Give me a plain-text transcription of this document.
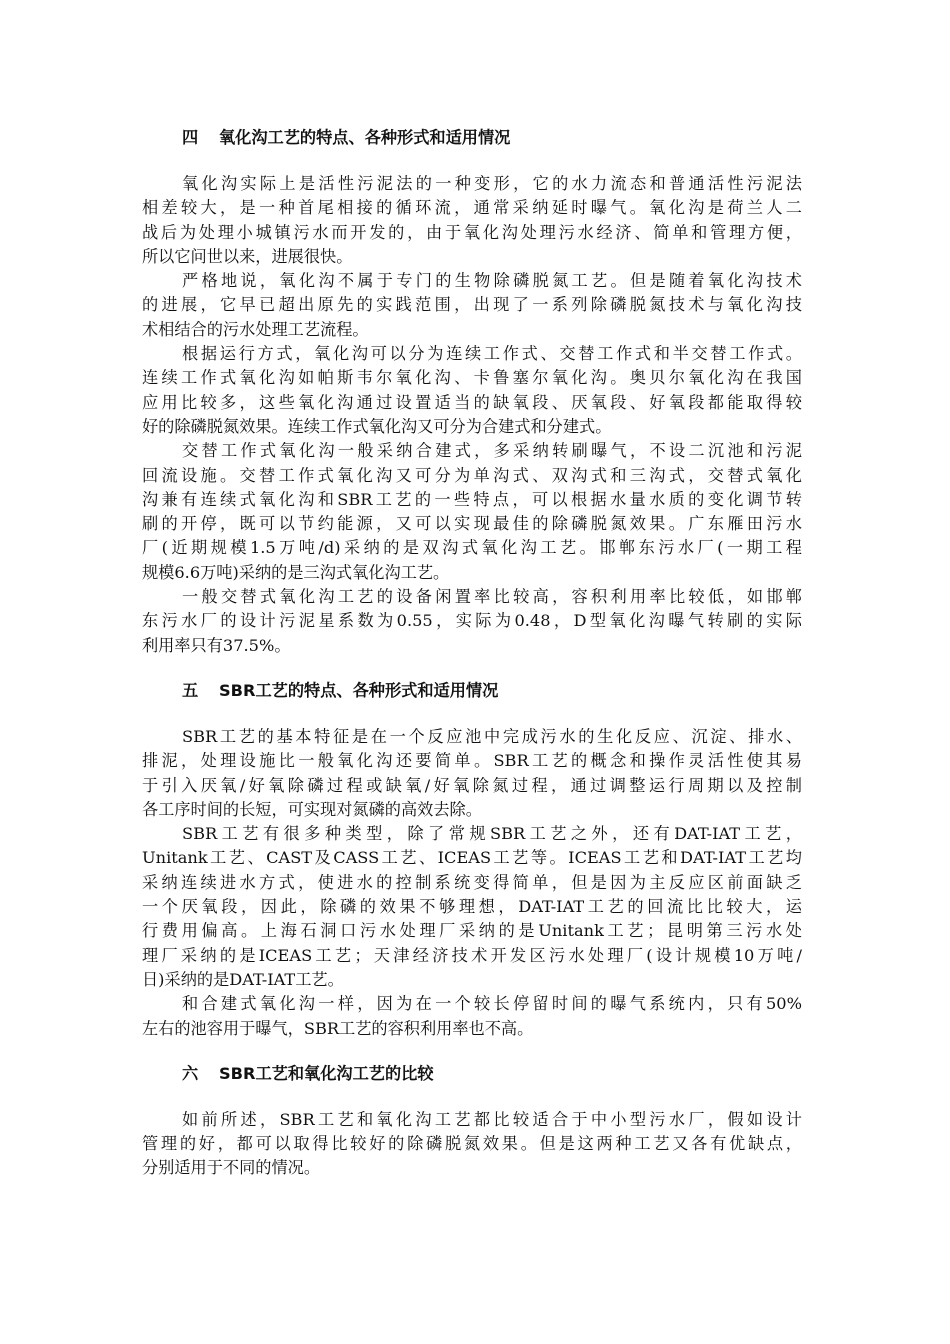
四 氧化沟工艺的特点、各种形式和适用情况
氧化沟实际上是活性污泥法的一种变形，它的水力流态和普通活性污泥法
相差较大，是一种首尾相接的循环流，通常采纳延时曝气。氧化沟是荷兰人二
战后为处理小城镇污水而开发的，由于氧化沟处理污水经济、简单和管理方便，
所以它问世以来，进展很快。
严格地说，氧化沟不属于专门的生物除磷脱氮工艺。但是随着氧化沟技术
的进展，它早已超出原先的实践范围，出现了一系列除磷脱氮技术与氧化沟技
术相结合的污水处理工艺流程。
根据运行方式，氧化沟可以分为连续工作式、交替工作式和半交替工作式。
连续工作式氧化沟如帕斯韦尔氧化沟、卡鲁塞尔氧化沟。奥贝尔氧化沟在我国
应用比较多，这些氧化沟通过设置适当的缺氧段、厌氧段、好氧段都能取得较
好的除磷脱氮效果。连续工作式氧化沟又可分为合建式和分建式。
交替工作式氧化沟一般采纳合建式，多采纳转刷曝气，不设二沉池和污泥
回流设施。交替工作式氧化沟又可分为单沟式、双沟式和三沟式，交替式氧化
沟兼有连续式氧化沟和SBR工艺的一些特点，可以根据水量水质的变化调节转
刷的开停，既可以节约能源，又可以实现最佳的除磷脱氮效果。广东雁田污水
厂(近期规模1.5万吨/d)采纳的是双沟式氧化沟工艺。邯郸东污水厂(一期工程
规模6.6万吨)采纳的是三沟式氧化沟工艺。
一般交替式氧化沟工艺的设备闲置率比较高，容积利用率比较低，如邯郸
东污水厂的设计污泥星系数为0.55，实际为0.48，D型氧化沟曝气转刷的实际
利用率只有37.5%。
五 SBR工艺的特点、各种形式和适用情况
SBR工艺的基本特征是在一个反应池中完成污水的生化反应、沉淀、排水、
排泥，处理设施比一般氧化沟还要简单。SBR工艺的概念和操作灵活性使其易
于引入厌氧/好氧除磷过程或缺氧/好氧除氮过程，通过调整运行周期以及控制
各工序时间的长短，可实现对氮磷的高效去除。
SBR工艺有很多种类型，除了常规SBR工艺之外，还有DAT-IAT工艺，
Unitank工艺、CAST及CASS工艺、ICEAS工艺等。ICEAS工艺和DAT-IAT工艺均
采纳连续进水方式，使进水的控制系统变得简单，但是因为主反应区前面缺乏
一个厌氧段，因此，除磷的效果不够理想，DAT-IAT工艺的回流比比较大，运
行费用偏高。上海石洞口污水处理厂采纳的是Unitank工艺；昆明第三污水处
理厂采纳的是ICEAS工艺；天津经济技术开发区污水处理厂(设计规模10万吨/
日)采纳的是DAT-IAT工艺。
和合建式氧化沟一样，因为在一个较长停留时间的曝气系统内，只有50%
左右的池容用于曝气，SBR工艺的容积利用率也不高。
六 SBR工艺和氧化沟工艺的比较
如前所述，SBR工艺和氧化沟工艺都比较适合于中小型污水厂，假如设计
管理的好，都可以取得比较好的除磷脱氮效果。但是这两种工艺又各有优缺点，
分别适用于不同的情况。
